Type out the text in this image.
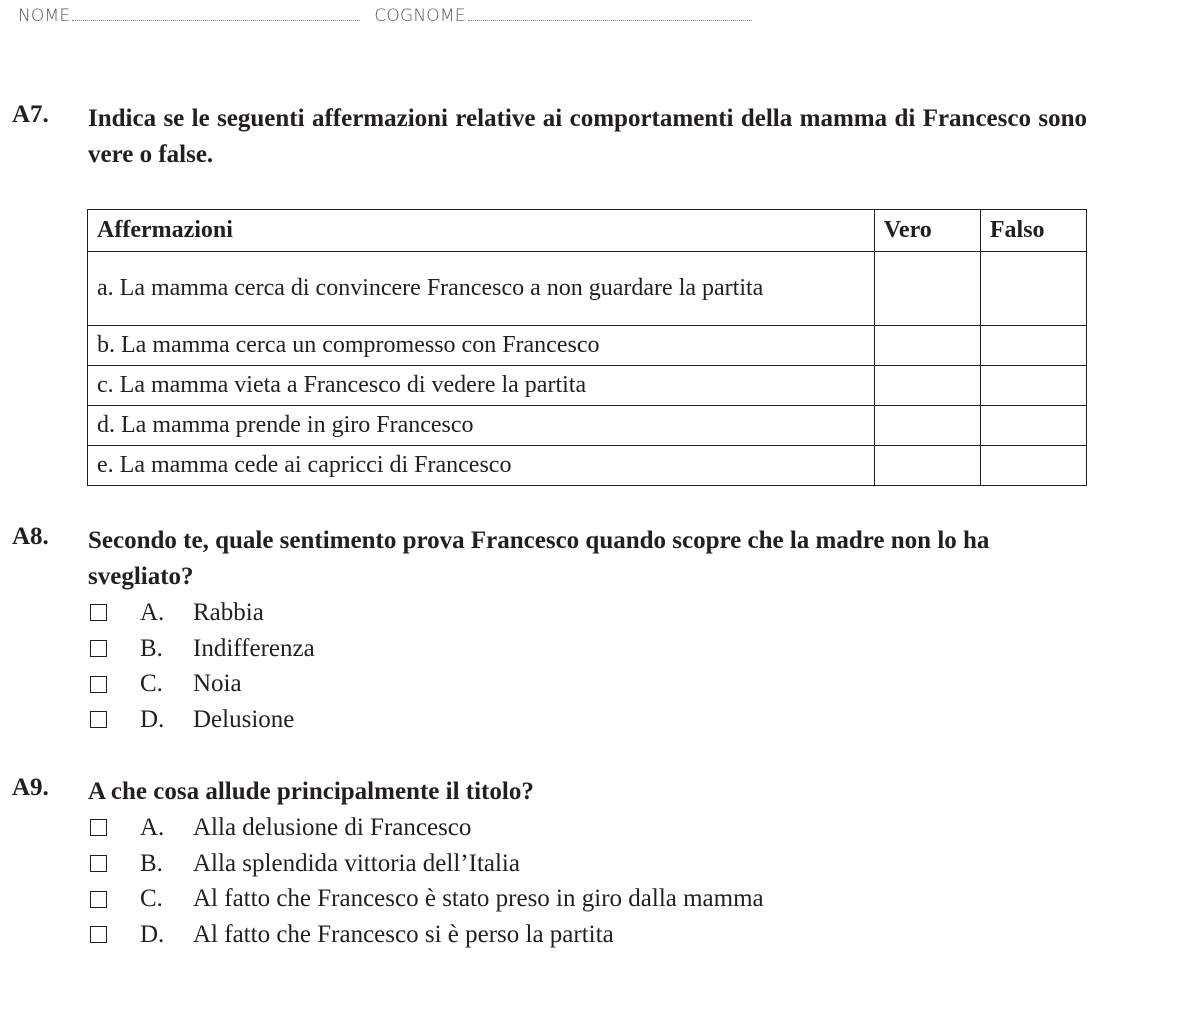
NOME	COGNOME
A7.	Indica se le seguenti affermazioni relative ai comportamenti della mamma di Francesco sono vere o false.
Affermazioni	Vero	Falso
a. La mamma cerca di convincere Francesco a non guardare la partita		
b. La mamma cerca un compromesso con Francesco		
c. La mamma vieta a Francesco di vedere la partita		
d. La mamma prende in giro Francesco		
e. La mamma cede ai capricci di Francesco		
A8.	Secondo te, quale sentimento prova Francesco quando scopre che la madre non lo ha svegliato?
A.	Rabbia
B.	Indifferenza
C.	Noia
D.	Delusione
A9.	A che cosa allude principalmente il titolo?
A.	Alla delusione di Francesco
B.	Alla splendida vittoria dell’Italia
C.	Al fatto che Francesco è stato preso in giro dalla mamma
D.	Al fatto che Francesco si è perso la partita
